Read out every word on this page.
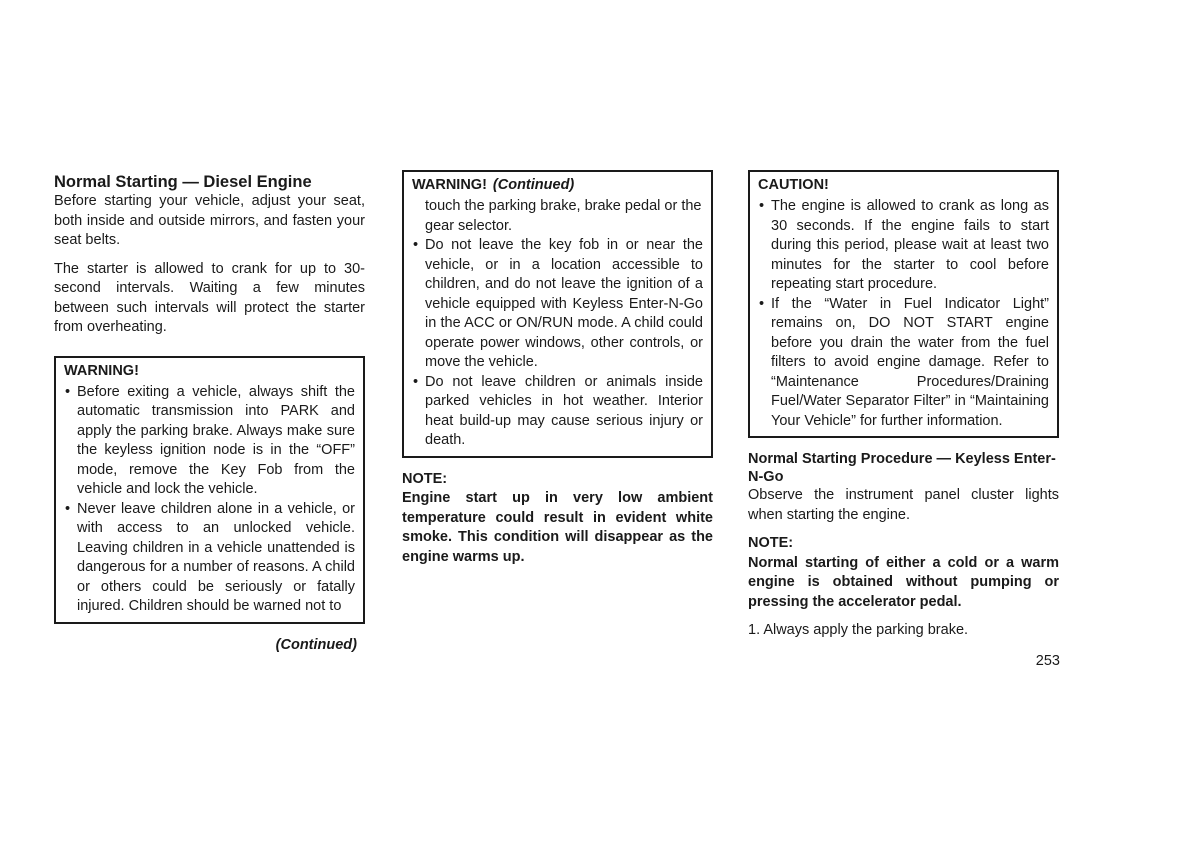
Normal Starting — Diesel Engine

Before starting your vehicle, adjust your seat, both inside and outside mirrors, and fasten your seat belts.

The starter is allowed to crank for up to 30-second intervals. Waiting a few minutes between such intervals will protect the starter from overheating.

WARNING!
• Before exiting a vehicle, always shift the automatic transmission into PARK and apply the parking brake. Always make sure the keyless ignition node is in the “OFF” mode, remove the Key Fob from the vehicle and lock the vehicle.
• Never leave children alone in a vehicle, or with access to an unlocked vehicle. Leaving children in a vehicle unattended is dangerous for a number of reasons. A child or others could be seriously or fatally injured. Children should be warned not to
(Continued)
WARNING! (Continued)

touch the parking brake, brake pedal or the gear selector.

• Do not leave the key fob in or near the vehicle, or in a location accessible to children, and do not leave the ignition of a vehicle equipped with Keyless Enter-N-Go in the ACC or ON/RUN mode. A child could operate power windows, other controls, or move the vehicle.
• Do not leave children or animals inside parked vehicles in hot weather. Interior heat build-up may cause serious injury or death.

NOTE:

Engine start up in very low ambient temperature could result in evident white smoke. This condition will disappear as the engine warms up.

CAUTION!
• The engine is allowed to crank as long as 30 seconds. If the engine fails to start during this period, please wait at least two minutes for the starter to cool before repeating start procedure.
• If the “Water in Fuel Indicator Light” remains on, DO NOT START engine before you drain the water from the fuel filters to avoid engine damage. Refer to “Maintenance Procedures/Draining Fuel/Water Separator Filter” in “Maintaining Your Vehicle” for further information.
Normal Starting Procedure — Keyless Enter-N-Go

Observe the instrument panel cluster lights when starting the engine.

NOTE:

Normal starting of either a cold or a warm engine is obtained without pumping or pressing the accelerator pedal.

1. Always apply the parking brake.

253
